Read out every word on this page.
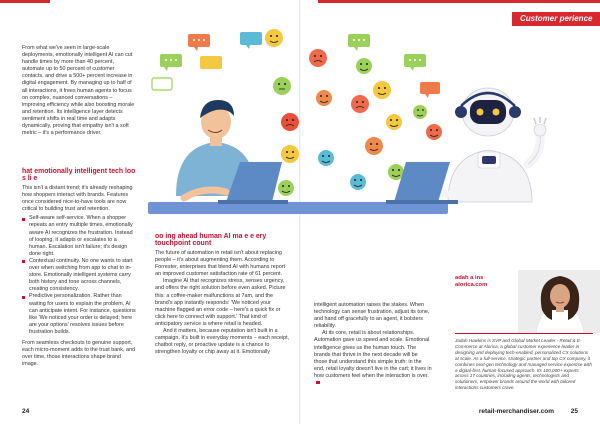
Customer perience

From what we've seen in large-scale deployments, emotionally intelligent AI can cut handle times by more than 40 percent, automate up to 50 percent of customer contacts, and drive a 500+ percent increase in digital engagement. By managing up to half of all interactions, it frees human agents to focus on complex, nuanced conversations – improving efficiency while also boosting morale and retention. Its intelligence layer detects sentiment shifts in real time and adapts dynamically, proving that empathy isn't a soft metric – it's a performance driver.

hat emotionally intelligent tech loo s li e

This isn't a distant trend; it's already reshaping how shoppers interact with brands. Features once considered nice-to-have tools are now critical to building trust and retention.

Self-aware self-service. When a shopper repeats an entry multiple times, emotionally aware AI recognizes the frustration. Instead of looping, it adapts or escalates to a human. Escalation isn't failure; it's design done right.
Contextual continuity. No one wants to start over when switching from app to chat to in-store. Emotionally intelligent systems carry both history and tone across channels, creating consistency.
Predictive personalization. Rather than waiting for users to explain the problem, AI can anticipate intent. For instance, questions like 'We noticed your order is delayed; here are your options' resolves issues before frustration builds.

From seamless checkouts to genuine support, each micro-moment adds to the trust bank, and over time, those interactions shape brand image.

oo ing ahead human AI ma e e ery touchpoint count

The future of automation in retail isn't about replacing people – it's about augmenting them. According to Forrester, enterprises that blend AI with humans report an improved customer satisfaction rate of 61 percent.

Imagine AI that recognizes stress, senses urgency, and offers the right solution before even asked. Picture this: a coffee-maker malfunctions at 7am, and the brand's app instantly responds: 'We noticed your machine flagged an error code – here's a quick fix or click here to connect with support.' That kind of anticipatory service is where retail is headed.

And it matters, because reputation isn't built in a campaign. It's built in everyday moments – each receipt, chatbot reply, or proactive update is a chance to strengthen loyalty or chip away at it. Emotionally

intelligent automation raises the stakes. When technology can sense frustration, adjust its tone, and hand off gracefully to an agent, it bolsters reliability.

At its core, retail is about relationships. Automation gave us speed and scale. Emotional intelligence gives us the human touch. The brands that thrive in the next decade will be those that understand this simple truth: in the end, retail loyalty doesn't live in the cart; it lives in how customers feel when the interaction is over.

adah a ins
alorica.com
Jadah Hawkins is SVP and Global Market Leader - Retail & E-Commerce at Alorica, a global customer experience leader in designing and deploying tech-enabled, personalized CX solutions at scale. As a full-service, strategic partner and top CX company, it combines next-gen technology and managed service expertise with a digital-first, human-focused approach. Its 100,000+ experts across 17 countries, including agents, technologists and solutioners, empower brands around the world with tailored interactions customers crave.
24	retail-merchandiser.com	25
